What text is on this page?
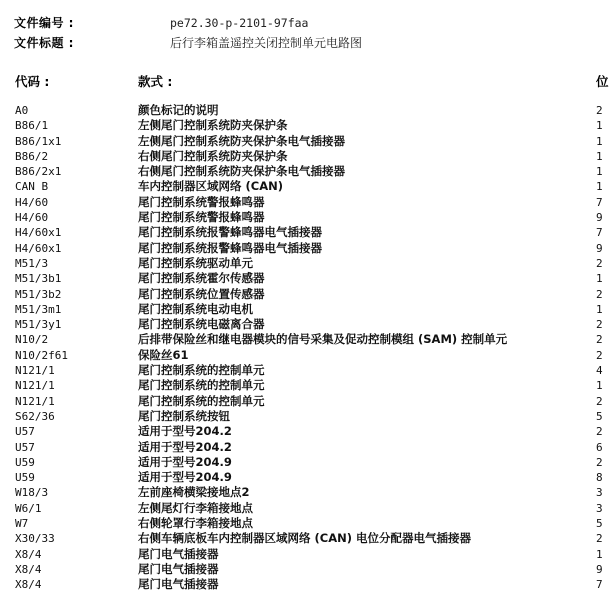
文件编号 :	pe72.30-p-2101-97faa
文件标题 :	后行李箱盖遥控关闭控制单元电路图
代码 :	款式 :	位
A0	颜色标记的说明	2
B86/1	左侧尾门控制系统防夹保护条	1
B86/1x1	左侧尾门控制系统防夹保护条电气插接器	1
B86/2	右侧尾门控制系统防夹保护条	1
B86/2x1	右侧尾门控制系统防夹保护条电气插接器	1
CAN B	车内控制器区域网络 (CAN)	1
H4/60	尾门控制系统警报蜂鸣器	7
H4/60	尾门控制系统警报蜂鸣器	9
H4/60x1	尾门控制系统报警蜂鸣器电气插接器	7
H4/60x1	尾门控制系统报警蜂鸣器电气插接器	9
M51/3	尾门控制系统驱动单元	2
M51/3b1	尾门控制系统霍尔传感器	1
M51/3b2	尾门控制系统位置传感器	2
M51/3m1	尾门控制系统电动电机	1
M51/3y1	尾门控制系统电磁离合器	2
N10/2	后排带保险丝和继电器模块的信号采集及促动控制模组 (SAM) 控制单元	2
N10/2f61	保险丝61	2
N121/1	尾门控制系统的控制单元	4
N121/1	尾门控制系统的控制单元	1
N121/1	尾门控制系统的控制单元	2
S62/36	尾门控制系统按钮	5
U57	适用于型号204.2	2
U57	适用于型号204.2	6
U59	适用于型号204.9	2
U59	适用于型号204.9	8
W18/3	左前座椅横梁接地点2	3
W6/1	左侧尾灯行李箱接地点	3
W7	右侧轮罩行李箱接地点	5
X30/33	右侧车辆底板车内控制器区域网络 (CAN) 电位分配器电气插接器	2
X8/4	尾门电气插接器	1
X8/4	尾门电气插接器	9
X8/4	尾门电气插接器	7
